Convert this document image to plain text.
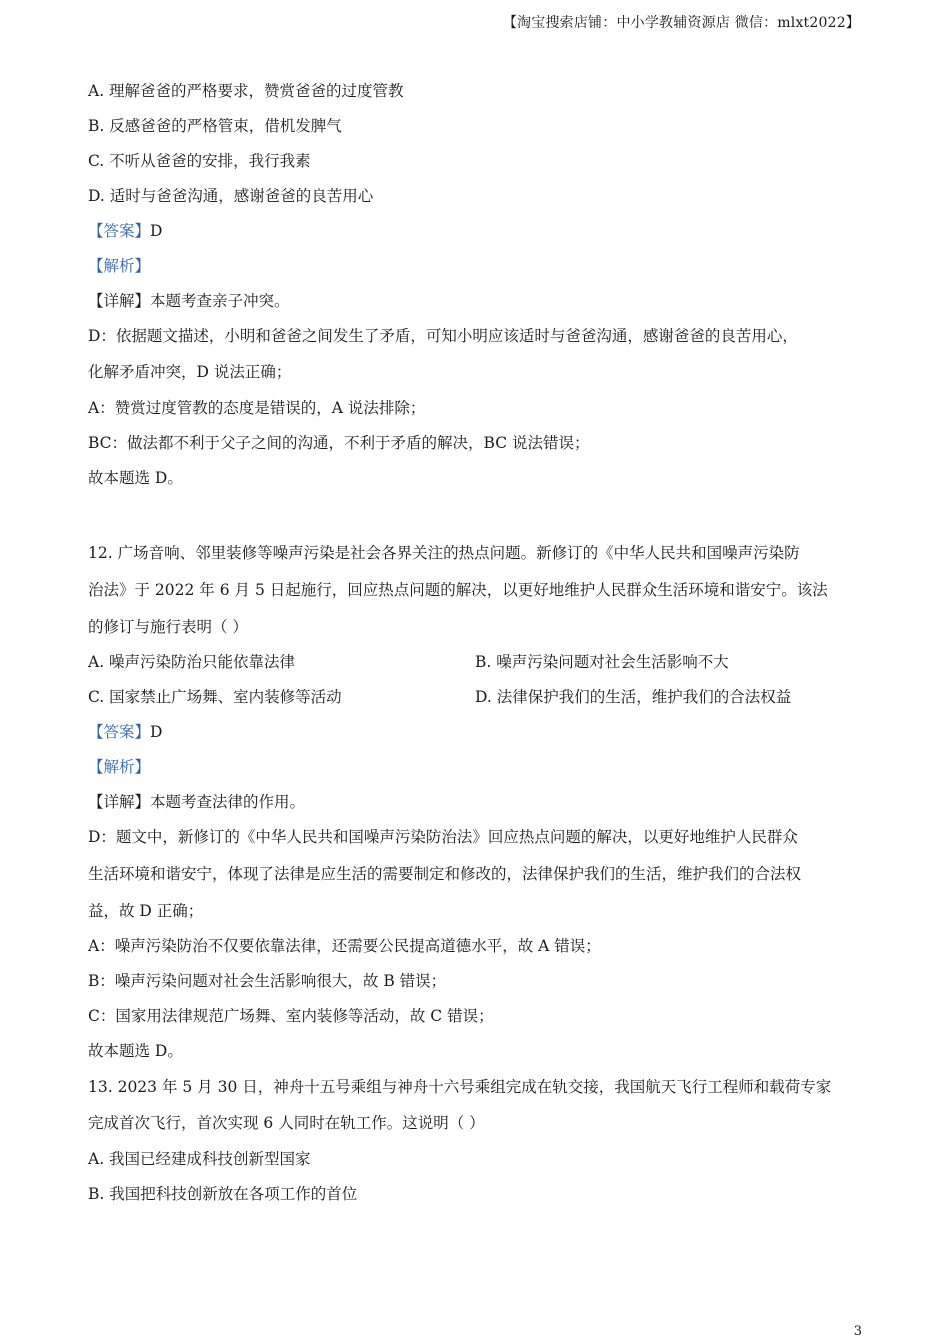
【淘宝搜索店铺：中小学教辅资源店 微信：mlxt2022】
A. 理解爸爸的严格要求，赞赏爸爸的过度管教
B. 反感爸爸的严格管束，借机发脾气
C. 不听从爸爸的安排，我行我素
D. 适时与爸爸沟通，感谢爸爸的良苦用心
【答案】D
【解析】
【详解】本题考查亲子冲突。
D：依据题文描述，小明和爸爸之间发生了矛盾，可知小明应该适时与爸爸沟通，感谢爸爸的良苦用心，
化解矛盾冲突，D 说法正确；
A：赞赏过度管教的态度是错误的，A 说法排除；
BC：做法都不利于父子之间的沟通，不利于矛盾的解决，BC 说法错误；
故本题选 D。
12. 广场音响、邻里装修等噪声污染是社会各界关注的热点问题。新修订的《中华人民共和国噪声污染防
治法》于 2022 年 6 月 5 日起施行，回应热点问题的解决，以更好地维护人民群众生活环境和谐安宁。该法
的修订与施行表明（ ）
A. 噪声污染防治只能依靠法律	B. 噪声污染问题对社会生活影响不大
C. 国家禁止广场舞、室内装修等活动	D. 法律保护我们的生活，维护我们的合法权益
【答案】D
【解析】
【详解】本题考查法律的作用。
D：题文中，新修订的《中华人民共和国噪声污染防治法》回应热点问题的解决，以更好地维护人民群众
生活环境和谐安宁，体现了法律是应生活的需要制定和修改的，法律保护我们的生活，维护我们的合法权
益，故 D 正确；
A：噪声污染防治不仅要依靠法律，还需要公民提高道德水平，故 A 错误；
B：噪声污染问题对社会生活影响很大，故 B 错误；
C：国家用法律规范广场舞、室内装修等活动，故 C 错误；
故本题选 D。
13. 2023 年 5 月 30 日，神舟十五号乘组与神舟十六号乘组完成在轨交接，我国航天飞行工程师和载荷专家
完成首次飞行，首次实现 6 人同时在轨工作。这说明（ ）
A. 我国已经建成科技创新型国家
B. 我国把科技创新放在各项工作的首位
3
